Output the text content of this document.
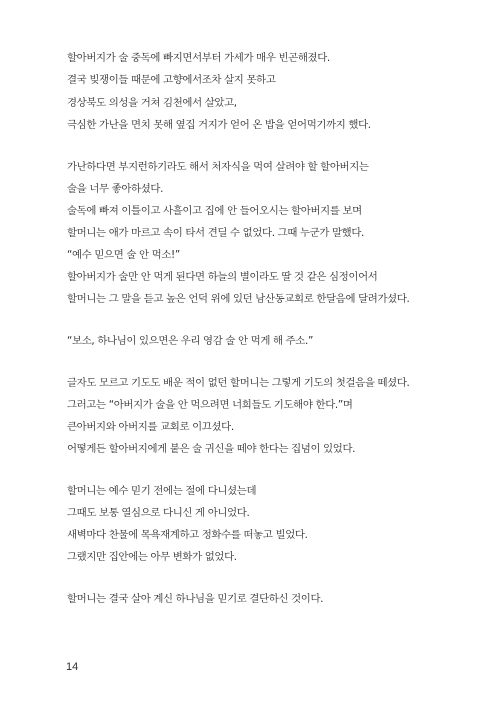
할아버지가 술 중독에 빠지면서부터 가세가 매우 빈곤해졌다.
결국 빚쟁이들 때문에 고향에서조차 살지 못하고
경상북도 의성을 거쳐 김천에서 살았고,
극심한 가난을 면치 못해 옆집 거지가 얻어 온 밥을 얻어먹기까지 했다.
가난하다면 부지런하기라도 해서 처자식을 먹여 살려야 할 할아버지는
술을 너무 좋아하셨다.
술독에 빠져 이틀이고 사흘이고 집에 안 들어오시는 할아버지를 보며
할머니는 애가 마르고 속이 타서 견딜 수 없었다. 그때 누군가 말했다.
“예수 믿으면 술 안 먹소!”
할아버지가 술만 안 먹게 된다면 하늘의 별이라도 딸 것 같은 심정이어서
할머니는 그 말을 듣고 높은 언덕 위에 있던 남산동교회로 한달음에 달려가셨다.
“보소, 하나님이 있으면은 우리 영감 술 안 먹게 해 주소.”
글자도 모르고 기도도 배운 적이 없던 할머니는 그렇게 기도의 첫걸음을 떼셨다.
그러고는 “아버지가 술을 안 먹으려면 너희들도 기도해야 한다.”며
큰아버지와 아버지를 교회로 이끄셨다.
어떻게든 할아버지에게 붙은 술 귀신을 떼야 한다는 집념이 있었다.
할머니는 예수 믿기 전에는 절에 다니셨는데
그때도 보통 열심으로 다니신 게 아니었다.
새벽마다 찬물에 목욕재계하고 정화수를 떠놓고 빌었다.
그랬지만 집안에는 아무 변화가 없었다.
할머니는 결국 살아 계신 하나님을 믿기로 결단하신 것이다.
14
